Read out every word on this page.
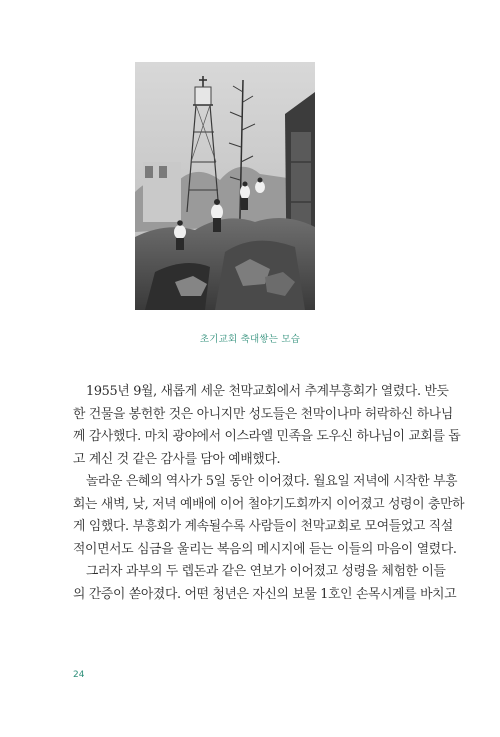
초기교회 축대쌓는 모습
1955년 9월, 새롭게 세운 천막교회에서 추계부흥회가 열렸다. 반듯
한 건물을 봉헌한 것은 아니지만 성도들은 천막이나마 허락하신 하나님
께 감사했다. 마치 광야에서 이스라엘 민족을 도우신 하나님이 교회를 돕
고 계신 것 같은 감사를 담아 예배했다.
놀라운 은혜의 역사가 5일 동안 이어졌다. 월요일 저녁에 시작한 부흥
회는 새벽, 낮, 저녁 예배에 이어 철야기도회까지 이어졌고 성령이 충만하
게 임했다. 부흥회가 계속될수록 사람들이 천막교회로 모여들었고 직설
적이면서도 심금을 울리는 복음의 메시지에 듣는 이들의 마음이 열렸다.
그러자 과부의 두 렙돈과 같은 연보가 이어졌고 성령을 체험한 이들
의 간증이 쏟아졌다. 어떤 청년은 자신의 보물 1호인 손목시계를 바치고
24
